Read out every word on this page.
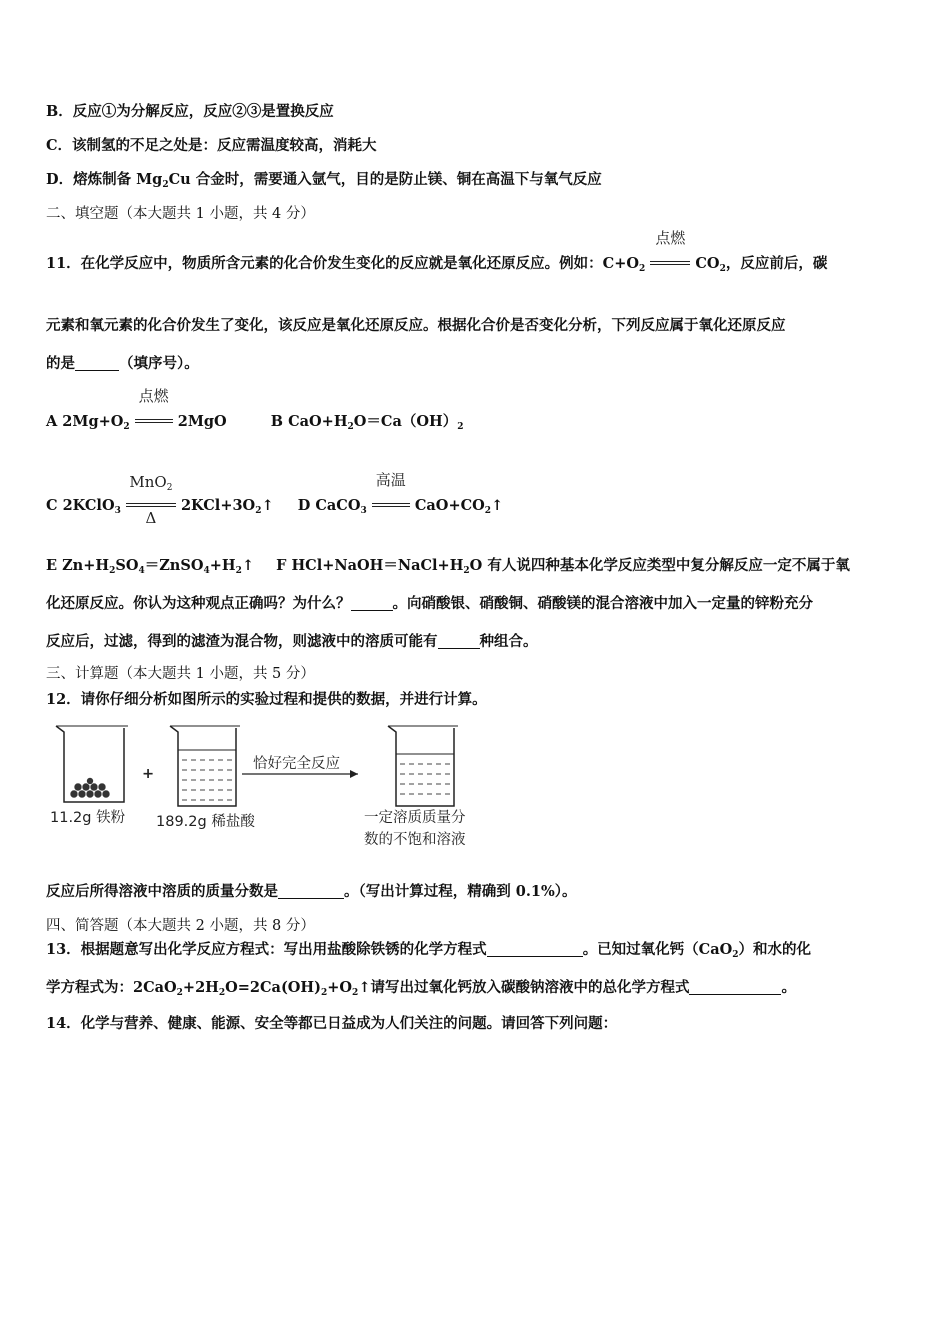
B．反应①为分解反应，反应②③是置换反应
C．该制氢的不足之处是：反应需温度较高，消耗大
D．熔炼制备 $Mg_2Cu$ 合金时，需要通入氩气，目的是防止镁、铜在高温下与氧气反应
二、填空题（本大题共 1 小题，共 4 分）
11．在化学反应中，物质所含元素的化合价发生变化的反应就是氧化还原反应。例如：$C+O_2$
点燃
$CO_2$，反应前后，碳
元素和氧元素的化合价发生了变化，该反应是氧化还原反应。根据化合价是否变化分析，下列反应属于氧化还原反应
的是	（填序号）。
A $2Mg+O_2$
点燃
2MgO	B $CaO+H_2O=Ca(OH)_2$
C 2KClO$_3$
MnO$_2$
Δ
$2KCl+3O_2↑$ D CaCO$_3$
高温
$CaO+CO_2↑$
E $Zn+H_2SO_4=ZnSO_4+H_2↑$ F $HCl+NaOH=NaCl+H_2O$ 有人说四种基本化学反应类型中复分解反应一定不属于氧
化还原反应。你认为这种观点正确吗？为什么？	。向硝酸银、硝酸铜、硝酸镁的混合溶液中加入一定量的锌粉充分
反应后，过滤，得到的滤渣为混合物，则滤液中的溶质可能有	种组合。
三、计算题（本大题共 1 小题，共 5 分）
12．请你仔细分析如图所示的实验过程和提供的数据，并进行计算。
11.2g 铁粉
+
189.2g 稀盐酸
恰好完全反应
一定溶质质量分
数的不饱和溶液
反应后所得溶液中溶质的质量分数是	。（写出计算过程，精确到 0.1%）。
四、简答题（本大题共 2 小题，共 8 分）
13．根据题意写出化学反应方程式：写出用盐酸除铁锈的化学方程式	。已知过氧化钙（CaO$_2$）和水的化
学方程式为：$2CaO_2+2H_2O=2Ca(OH)_2+O_2↑$请写出过氧化钙放入碳酸钠溶液中的总化学方程式	。
14．化学与营养、健康、能源、安全等都已日益成为人们关注的问题。请回答下列问题：
